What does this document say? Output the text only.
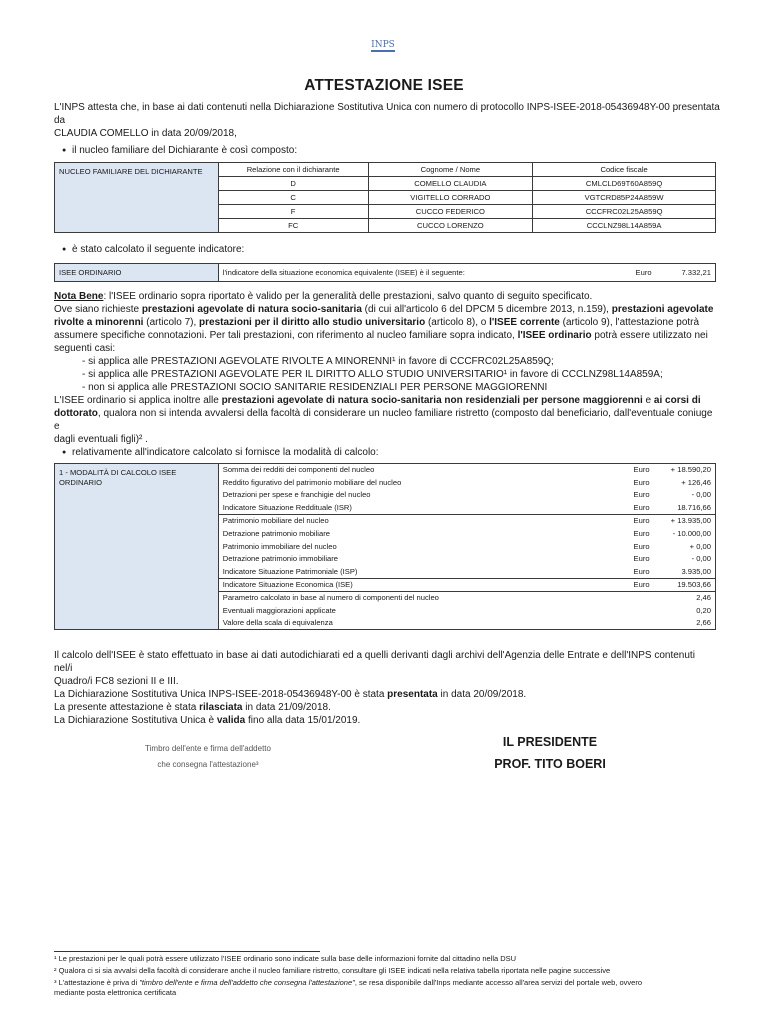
INPS
ATTESTAZIONE ISEE
L'INPS attesta che, in base ai dati contenuti nella Dichiarazione Sostitutiva Unica con numero di protocollo INPS-ISEE-2018-05436948Y-00 presentata da
CLAUDIA COMELLO in data 20/09/2018,
● il nucleo familiare del Dichiarante è così composto:
NUCLEO FAMILIARE DEL DICHIARANTE	Relazione con il dichiarante	Cognome / Nome	Codice fiscale
	D	COMELLO CLAUDIA	CMLCLD69T60A859Q
	C	VIGITELLO CORRADO	VGTCRD85P24A859W
	F	CUCCO FEDERICO	CCCFRC02L25A859Q
	FC	CUCCO LORENZO	CCCLNZ98L14A859A
● è stato calcolato il seguente indicatore:
ISEE ORDINARIO	l'indicatore della situazione economica equivalente (ISEE) è il seguente:	Euro	7.332,21
Nota Bene: l'ISEE ordinario sopra riportato è valido per la generalità delle prestazioni, salvo quanto di seguito specificato.
Ove siano richieste prestazioni agevolate di natura socio-sanitaria (di cui all'articolo 6 del DPCM 5 dicembre 2013, n.159), prestazioni agevolate
rivolte a minorenni (articolo 7), prestazioni per il diritto allo studio universitario (articolo 8), o l'ISEE corrente (articolo 9), l'attestazione potrà
assumere specifiche connotazioni. Per tali prestazioni, con riferimento al nucleo familiare sopra indicato, l'ISEE ordinario potrà essere utilizzato nei
seguenti casi:
- si applica alle PRESTAZIONI AGEVOLATE RIVOLTE A MINORENNI¹ in favore di CCCFRC02L25A859Q;
- si applica alle PRESTAZIONI AGEVOLATE PER IL DIRITTO ALLO STUDIO UNIVERSITARIO¹ in favore di CCCLNZ98L14A859A;
- non si applica alle PRESTAZIONI SOCIO SANITARIE RESIDENZIALI PER PERSONE MAGGIORENNI
L'ISEE ordinario si applica inoltre alle prestazioni agevolate di natura socio-sanitaria non residenziali per persone maggiorenni e ai corsi di
dottorato, qualora non si intenda avvalersi della facoltà di considerare un nucleo familiare ristretto (composto dal beneficiario, dall'eventuale coniuge e
dagli eventuali figli)² .
● relativamente all'indicatore calcolato si fornisce la modalità di calcolo:
1 - MODALITÀ DI CALCOLO ISEE ORDINARIO	Somma dei redditi dei componenti del nucleo	Euro	+ 18.590,20
	Reddito figurativo del patrimonio mobiliare del nucleo	Euro	+ 126,46
	Detrazioni per spese e franchigie del nucleo	Euro	- 0,00
	Indicatore Situazione Reddituale (ISR)	Euro	18.716,66
	Patrimonio mobiliare del nucleo	Euro	+ 13.935,00
	Detrazione patrimonio mobiliare	Euro	- 10.000,00
	Patrimonio immobiliare del nucleo	Euro	+ 0,00
	Detrazione patrimonio immobiliare	Euro	- 0,00
	Indicatore Situazione Patrimoniale (ISP)	Euro	3.935,00
	Indicatore Situazione Economica (ISE)	Euro	19.503,66
	Parametro calcolato in base al numero di componenti del nucleo		2,46
	Eventuali maggiorazioni applicate		0,20
	Valore della scala di equivalenza		2,66
Il calcolo dell'ISEE è stato effettuato in base ai dati autodichiarati ed a quelli derivanti dagli archivi dell'Agenzia delle Entrate e dell'INPS contenuti nel/i
Quadro/i FC8 sezioni II e III.
La Dichiarazione Sostitutiva Unica INPS-ISEE-2018-05436948Y-00 è stata presentata in data 20/09/2018.
La presente attestazione è stata rilasciata in data 21/09/2018.
La Dichiarazione Sostitutiva Unica è valida fino alla data 15/01/2019.
Timbro dell'ente e firma dell'addetto
che consegna l'attestazione³
IL PRESIDENTE
PROF. TITO BOERI
¹ Le prestazioni per le quali potrà essere utilizzato l'ISEE ordinario sono indicate sulla base delle informazioni fornite dal cittadino nella DSU
² Qualora ci si sia avvalsi della facoltà di considerare anche il nucleo familiare ristretto, consultare gli ISEE indicati nella relativa tabella riportata nelle pagine successive
³ L'attestazione è priva di "timbro dell'ente e firma dell'addetto che consegna l'attestazione", se resa disponibile dall'Inps mediante accesso all'area servizi del portale web, ovvero
mediante posta elettronica certificata
